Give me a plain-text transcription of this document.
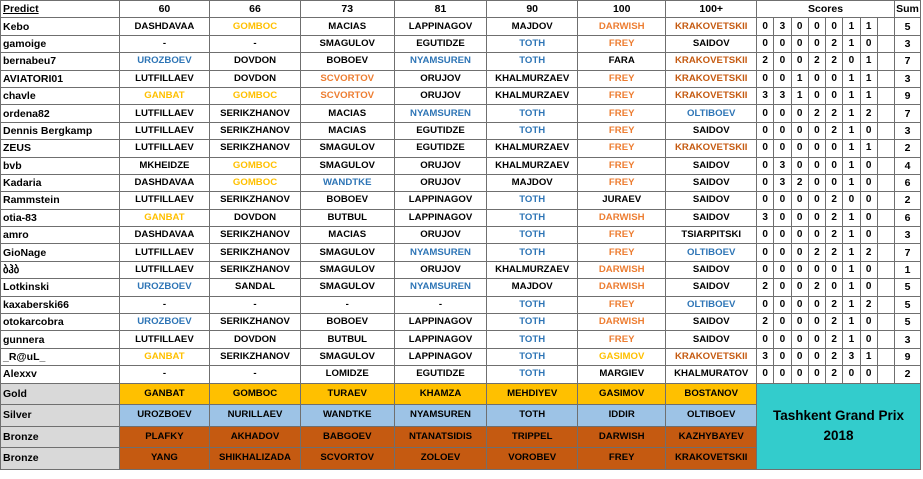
Predict	60	66	73	81	90	100	100+	Scores								Sum
Kebo	DASHDAVAA	GOMBOC	MACIAS	LAPPINAGOV	MAJDOV	DARWISH	KRAKOVETSKII	0	3	0	0	0	1	1		5
gamoige	-	-	SMAGULOV	EGUTIDZE	TOTH	FREY	SAIDOV	0	0	0	0	2	1	0		3
bernabeu7	UROZBOEV	DOVDON	BOBOEV	NYAMSUREN	TOTH	FARA	KRAKOVETSKII	2	0	0	2	2	0	1		7
AVIATORI01	LUTFILLAEV	DOVDON	SCVORTOV	ORUJOV	KHALMURZAEV	FREY	KRAKOVETSKII	0	0	1	0	0	1	1		3
chavle	GANBAT	GOMBOC	SCVORTOV	ORUJOV	KHALMURZAEV	FREY	KRAKOVETSKII	3	3	1	0	0	1	1		9
ordena82	LUTFILLAEV	SERIKZHANOV	MACIAS	NYAMSUREN	TOTH	FREY	OLTIBOEV	0	0	0	2	2	1	2		7
Dennis Bergkamp	LUTFILLAEV	SERIKZHANOV	MACIAS	EGUTIDZE	TOTH	FREY	SAIDOV	0	0	0	0	2	1	0		3
ZEUS	LUTFILLAEV	SERIKZHANOV	SMAGULOV	EGUTIDZE	KHALMURZAEV	FREY	KRAKOVETSKII	0	0	0	0	0	1	1		2
bvb	MKHEIDZE	GOMBOC	SMAGULOV	ORUJOV	KHALMURZAEV	FREY	SAIDOV	0	3	0	0	0	1	0		4
Kadaria	DASHDAVAA	GOMBOC	WANDTKE	ORUJOV	MAJDOV	FREY	SAIDOV	0	3	2	0	0	1	0		6
Rammstein	LUTFILLAEV	SERIKZHANOV	BOBOEV	LAPPINAGOV	TOTH	JURAEV	SAIDOV	0	0	0	0	2	0	0		2
otia-83	GANBAT	DOVDON	BUTBUL	LAPPINAGOV	TOTH	DARWISH	SAIDOV	3	0	0	0	2	1	0		6
amro	DASHDAVAA	SERIKZHANOV	MACIAS	ORUJOV	TOTH	FREY	TSIARPITSKI	0	0	0	0	2	1	0		3
GioNage	LUTFILLAEV	SERIKZHANOV	SMAGULOV	NYAMSUREN	TOTH	FREY	OLTIBOEV	0	0	0	2	2	1	2		7
ბჰბ	LUTFILLAEV	SERIKZHANOV	SMAGULOV	ORUJOV	KHALMURZAEV	DARWISH	SAIDOV	0	0	0	0	0	1	0		1
Lotkinski	UROZBOEV	SANDAL	SMAGULOV	NYAMSUREN	MAJDOV	DARWISH	SAIDOV	2	0	0	2	0	1	0		5
kaxaberski66	-	-	-	-	TOTH	FREY	OLTIBOEV	0	0	0	0	2	1	2		5
otokarcobra	UROZBOEV	SERIKZHANOV	BOBOEV	LAPPINAGOV	TOTH	DARWISH	SAIDOV	2	0	0	0	2	1	0		5
gunnera	LUTFILLAEV	DOVDON	BUTBUL	LAPPINAGOV	TOTH	FREY	SAIDOV	0	0	0	0	2	1	0		3
_R@uL_	GANBAT	SERIKZHANOV	SMAGULOV	LAPPINAGOV	TOTH	GASIMOV	KRAKOVETSKII	3	0	0	0	2	3	1		9
Alexxv	-	-	LOMIDZE	EGUTIDZE	TOTH	MARGIEV	KHALMURATOV	0	0	0	0	2	0	0		2
Gold	GANBAT	GOMBOC	TURAEV	KHAMZA	MEHDIYEV	GASIMOV	BOSTANOV	Tashkent Grand Prix 2018								
Silver	UROZBOEV	NURILLAEV	WANDTKE	NYAMSUREN	TOTH	IDDIR	OLTIBOEV									
Bronze	PLAFKY	AKHADOV	BABGOEV	NTANATSIDIS	TRIPPEL	DARWISH	KAZHYBAYEV									
Bronze	YANG	SHIKHALIZADA	SCVORTOV	ZOLOEV	VOROBEV	FREY	KRAKOVETSKII									
